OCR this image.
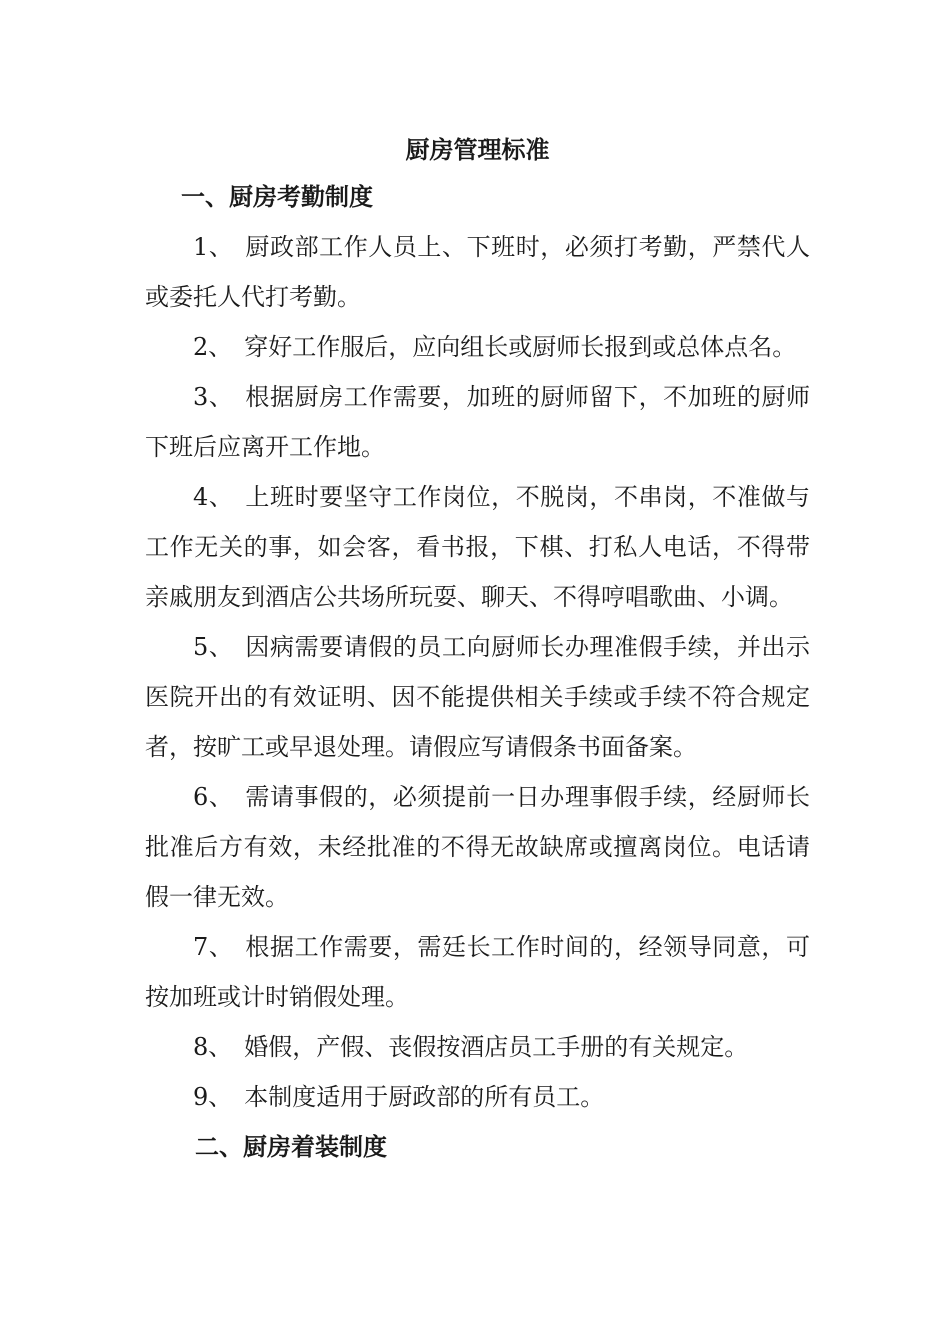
厨房管理标准
一、厨房考勤制度

1、 厨政部工作人员上、下班时，必须打考勤，严禁代人或委托人代打考勤。

2、 穿好工作服后，应向组长或厨师长报到或总体点名。

3、 根据厨房工作需要，加班的厨师留下，不加班的厨师下班后应离开工作地。

4、 上班时要坚守工作岗位，不脱岗，不串岗，不准做与工作无关的事，如会客，看书报，下棋、打私人电话，不得带亲戚朋友到酒店公共场所玩耍、聊天、不得哼唱歌曲、小调。

5、 因病需要请假的员工向厨师长办理准假手续，并出示医院开出的有效证明、因不能提供相关手续或手续不符合规定者，按旷工或早退处理。请假应写请假条书面备案。

6、 需请事假的，必须提前一日办理事假手续，经厨师长批准后方有效，未经批准的不得无故缺席或擅离岗位。电话请假一律无效。

7、 根据工作需要，需廷长工作时间的，经领导同意，可按加班或计时销假处理。

8、 婚假，产假、丧假按酒店员工手册的有关规定。

9、 本制度适用于厨政部的所有员工。

二、厨房着装制度
